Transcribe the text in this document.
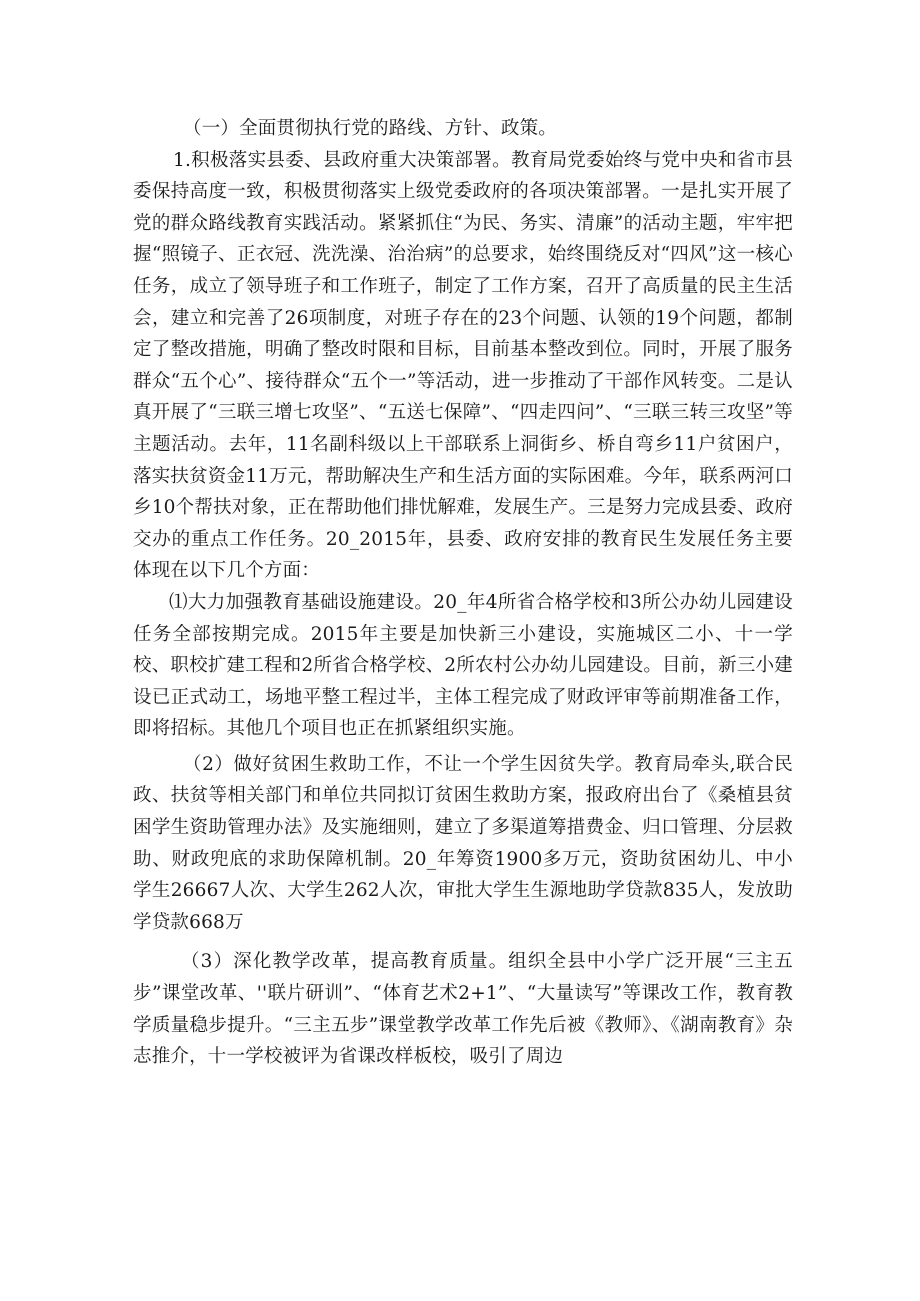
（一）全面贯彻执行党的路线、方针、政策。

1.积极落实县委、县政府重大决策部署。教育局党委始终与党中央和省市县委保持高度一致，积极贯彻落实上级党委政府的各项决策部署。一是扎实开展了党的群众路线教育实践活动。紧紧抓住“为民、务实、清廉”的活动主题，牢牢把握“照镜子、正衣冠、洗洗澡、治治病”的总要求，始终围绕反对“四风”这一核心任务，成立了领导班子和工作班子，制定了工作方案，召开了高质量的民主生活会，建立和完善了26项制度，对班子存在的23个问题、认领的19个问题，都制定了整改措施，明确了整改时限和目标，目前基本整改到位。同时，开展了服务群众“五个心”、接待群众“五个一”等活动，进一步推动了干部作风转变。二是认真开展了“三联三增七攻坚”、“五送七保障”、“四走四问”、“三联三转三攻坚”等主题活动。去年，11名副科级以上干部联系上洞街乡、桥自弯乡11户贫困户，落实扶贫资金11万元，帮助解决生产和生活方面的实际困难。今年，联系两河口乡10个帮扶对象，正在帮助他们排忧解难，发展生产。三是努力完成县委、政府交办的重点工作任务。20_2015年，县委、政府安排的教育民生发展任务主要体现在以下几个方面：

⑴大力加强教育基础设施建设。20_年4所省合格学校和3所公办幼儿园建设任务全部按期完成。2015年主要是加快新三小建设，实施城区二小、十一学校、职校扩建工程和2所省合格学校、2所农村公办幼儿园建设。目前，新三小建设已正式动工，场地平整工程过半，主体工程完成了财政评审等前期准备工作，即将招标。其他几个项目也正在抓紧组织实施。

（2）做好贫困生救助工作，不让一个学生因贫失学。教育局牵头,联合民政、扶贫等相关部门和单位共同拟订贫困生救助方案，报政府出台了《桑植县贫困学生资助管理办法》及实施细则，建立了多渠道筹措费金、归口管理、分层救助、财政兜底的求助保障机制。20_年筹资1900多万元，资助贫困幼儿、中小学生26667人次、大学生262人次，审批大学生生源地助学贷款835人，发放助学贷款668万

（3）深化教学改革，提高教育质量。组织全县中小学广泛开展“三主五步”课堂改革、''联片研训”、“体育艺术2+1”、“大量读写”等课改工作，教育教学质量稳步提升。“三主五步”课堂教学改革工作先后被《教师》、《湖南教育》杂志推介，十一学校被评为省课改样板校，吸引了周边
